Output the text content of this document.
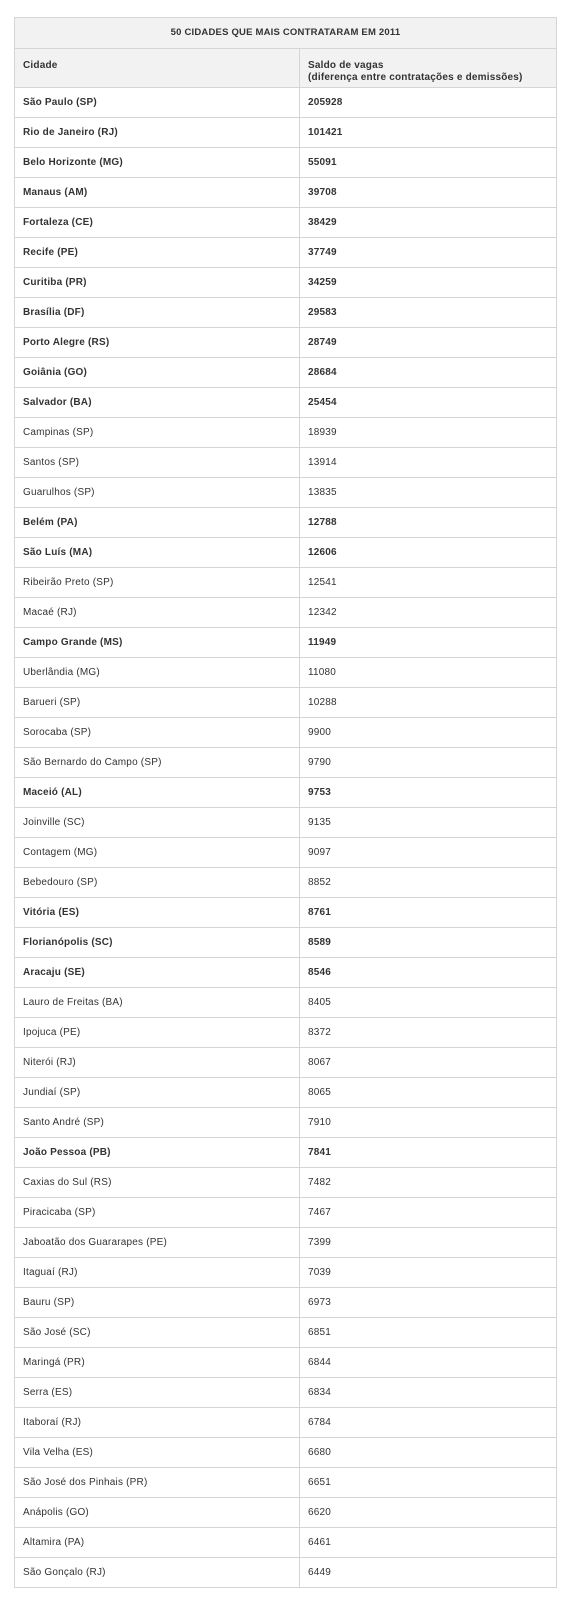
50 CIDADES QUE MAIS CONTRATARAM EM 2011	
Cidade	Saldo de vagas
(diferença entre contratações e demissões)

São Paulo (SP)	205928
Rio de Janeiro (RJ)	101421
Belo Horizonte (MG)	55091
Manaus (AM)	39708
Fortaleza (CE)	38429
Recife (PE)	37749
Curitiba (PR)	34259
Brasília (DF)	29583
Porto Alegre (RS)	28749
Goiânia (GO)	28684
Salvador (BA)	25454
Campinas (SP)	18939
Santos (SP)	13914
Guarulhos (SP)	13835
Belém (PA)	12788
São Luís (MA)	12606
Ribeirão Preto (SP)	12541
Macaé (RJ)	12342
Campo Grande (MS)	11949
Uberlândia (MG)	11080
Barueri (SP)	10288
Sorocaba (SP)	9900
São Bernardo do Campo (SP)	9790
Maceió (AL)	9753
Joinville (SC)	9135
Contagem (MG)	9097
Bebedouro (SP)	8852
Vitória (ES)	8761
Florianópolis (SC)	8589
Aracaju (SE)	8546
Lauro de Freitas (BA)	8405
Ipojuca (PE)	8372
Niterói (RJ)	8067
Jundiaí (SP)	8065
Santo André (SP)	7910
João Pessoa (PB)	7841
Caxias do Sul (RS)	7482
Piracicaba (SP)	7467
Jaboatão dos Guararapes (PE)	7399
Itaguaí (RJ)	7039
Bauru (SP)	6973
São José (SC)	6851
Maringá (PR)	6844
Serra (ES)	6834
Itaboraí (RJ)	6784
Vila Velha (ES)	6680
São José dos Pinhais (PR)	6651
Anápolis (GO)	6620
Altamira (PA)	6461
São Gonçalo (RJ)	6449
